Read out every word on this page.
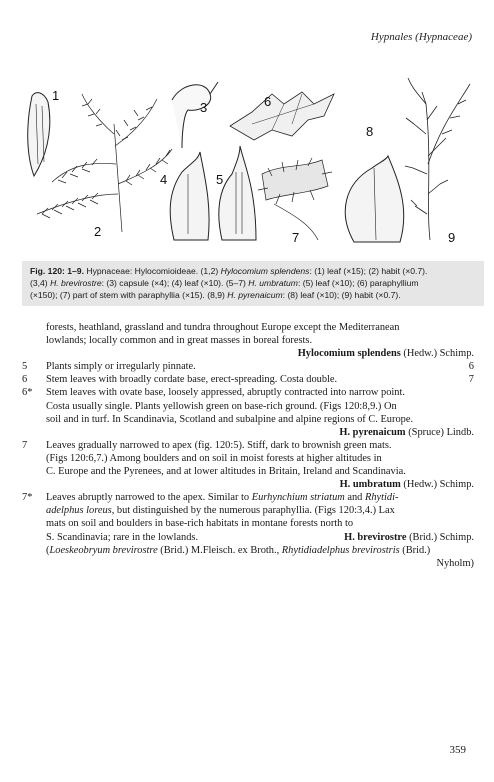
Hypnales (Hypnaceae)
1
2
3
4	5
6
7
8
9
Fig. 120: 1–9. Hypnaceae: Hylocomioideae. (1,2) Hylocomium splendens: (1) leaf (×15); (2) habit (×0.7).
(3,4) H. brevirostre: (3) capsule (×4); (4) leaf (×10). (5–7) H. umbratum: (5) leaf (×10); (6) paraphyllium
(×150); (7) part of stem with paraphyllia (×15). (8,9) H. pyrenaicum: (8) leaf (×10); (9) habit (×0.7).
forests, heathland, grassland and tundra throughout Europe except the Mediterranean
lowlands; locally common and in great masses in boreal forests.
Hylocomium splendens (Hedw.) Schimp.
5 Plants simply or irregularly pinnate.	6
6 Stem leaves with broadly cordate base, erect-spreading. Costa double.	7
6* Stem leaves with ovate base, loosely appressed, abruptly contracted into narrow point.
Costa usually single. Plants yellowish green on base-rich ground. (Figs 120:8,9.) On
soil and in turf. In Scandinavia, Scotland and subalpine and alpine regions of C. Europe.
H. pyrenaicum (Spruce) Lindb.
7 Leaves gradually narrowed to apex (fig. 120:5). Stiff, dark to brownish green mats.
(Figs 120:6,7.) Among boulders and on soil in moist forests at higher altitudes in
C. Europe and the Pyrenees, and at lower altitudes in Britain, Ireland and Scandinavia.
H. umbratum (Hedw.) Schimp.
7* Leaves abruptly narrowed to the apex. Similar to Eurhynchium striatum and Rhytidi-
adelphus loreus, but distinguished by the numerous paraphyllia. (Figs 120:3,4.) Lax
mats on soil and boulders in base-rich habitats in montane forests north to
S. Scandinavia; rare in the lowlands.	H. brevirostre (Brid.) Schimp.
(Loeskeobryum brevirostre (Brid.) M.Fleisch. ex Broth., Rhytidiadelphus brevirostris (Brid.)
Nyholm)
359
